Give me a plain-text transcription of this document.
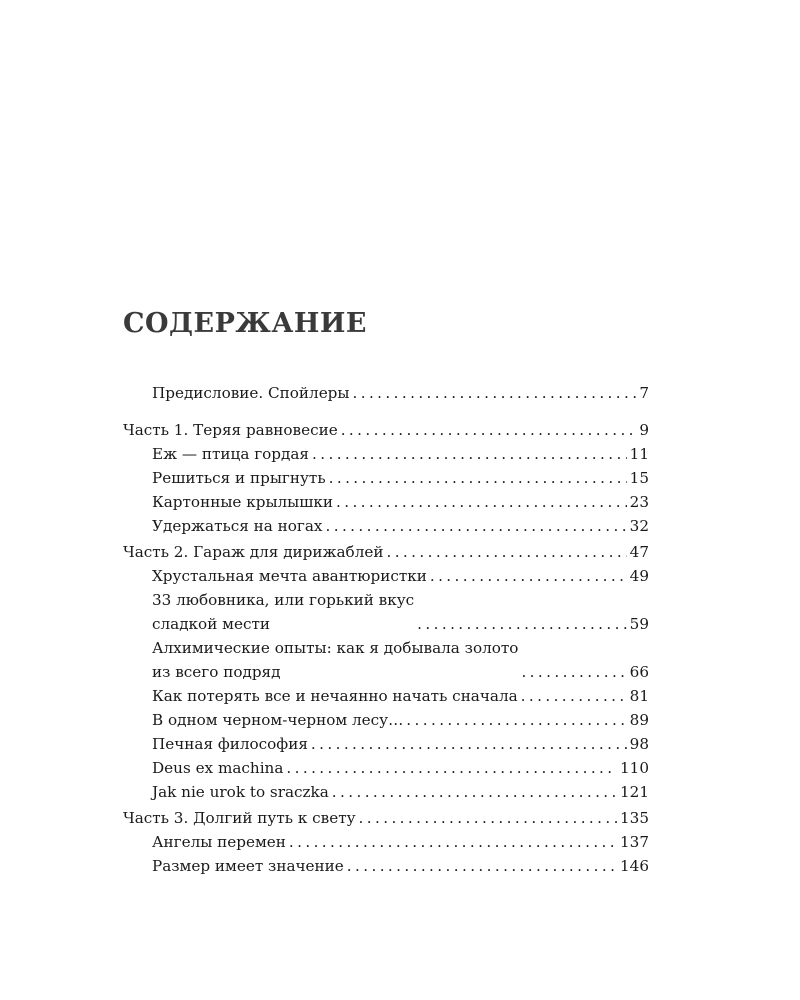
СОДЕРЖАНИЕ
Предисловие. Спойлеры .....	7
Часть 1. Теряя равновесие .....	9
Еж — птица гордая .....	11
Решиться и прыгнуть .....	15
Картонные крылышки .....	23
Удержаться на ногах .....	32
Часть 2. Гараж для дирижаблей .....	47
Хрустальная мечта авантюристки .....	49
33 любовника, или горький вкус
сладкой мести .....	59
Алхимические опыты: как я добывала золото
из всего подряд .....	66
Как потерять все и нечаянно начать сначала .....	81
В одном черном-черном лесу… .....	89
Печная философия .....	98
Deus ex machina .....	110
Jak nie urok to sraczka .....	121
Часть 3. Долгий путь к свету .....	135
Ангелы перемен .....	137
Размер имеет значение .....	146
